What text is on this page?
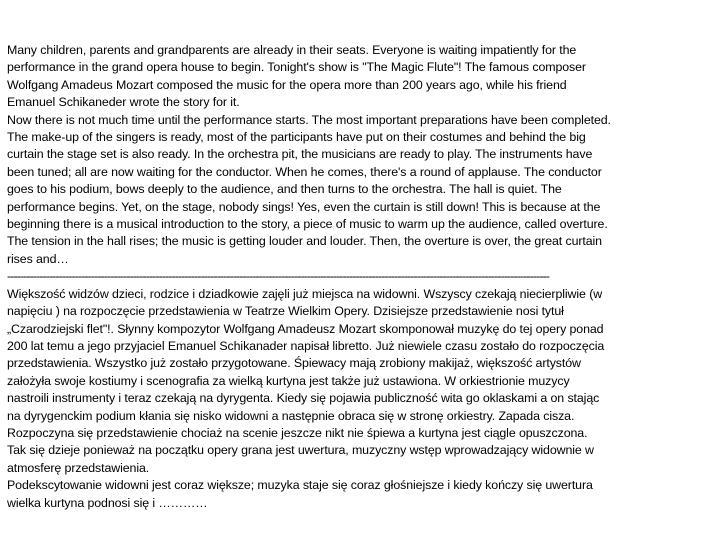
Many children, parents and grandparents are already in their seats. Everyone is waiting impatiently for the
performance in the grand opera house to begin. Tonight's show is "The Magic Flute"! The famous composer
Wolfgang Amadeus Mozart composed the music for the opera more than 200 years ago, while his friend
Emanuel Schikaneder wrote the story for it.
Now there is not much time until the performance starts. The most important preparations have been completed.
The make-up of the singers is ready, most of the participants have put on their costumes and behind the big
curtain the stage set is also ready. In the orchestra pit, the musicians are ready to play. The instruments have
been tuned; all are now waiting for the conductor. When he comes, there's a round of applause. The conductor
goes to his podium, bows deeply to the audience, and then turns to the orchestra. The hall is quiet. The
performance begins. Yet, on the stage, nobody sings! Yes, even the curtain is still down! This is because at the
beginning there is a musical introduction to the story, a piece of music to warm up the audience, called overture.
The tension in the hall rises; the music is getting louder and louder. Then, the overture is over, the great curtain
rises and…
------------------------------------------------------------------------------------------------------------------------------------------------------------------------
Większość widzów dzieci, rodzice i dziadkowie zajęli już miejsca na widowni. Wszyscy czekają niecierpliwie (w
napięciu ) na rozpoczęcie przedstawienia w Teatrze Wielkim Opery. Dzisiejsze przedstawienie nosi tytuł
„Czarodziejski flet"!. Słynny kompozytor Wolfgang Amadeusz Mozart skomponował muzykę do tej opery ponad
200 lat temu a jego przyjaciel Emanuel Schikanader napisał libretto. Już niewiele czasu zostało do rozpoczęcia
przedstawienia. Wszystko już zostało przygotowane. Śpiewacy mają zrobiony makijaż, większość artystów
założyła swoje kostiumy i scenografia za wielką kurtyna jest także już ustawiona. W orkiestrionie muzycy
nastroili instrumenty i teraz czekają na dyrygenta. Kiedy się pojawia publiczność wita go oklaskami a on stając
na dyrygenckim podium kłania się nisko widowni a następnie obraca się w stronę orkiestry. Zapada cisza.
Rozpoczyna się przedstawienie chociaż na scenie jeszcze nikt nie śpiewa a kurtyna jest ciągle opuszczona.
Tak się dzieje ponieważ na początku opery grana jest uwertura, muzyczny wstęp wprowadzający widownie w
atmosferę przedstawienia.
Podekscytowanie widowni jest coraz większe; muzyka staje się coraz głośniejsze i kiedy kończy się uwertura
wielka kurtyna podnosi się i …………
